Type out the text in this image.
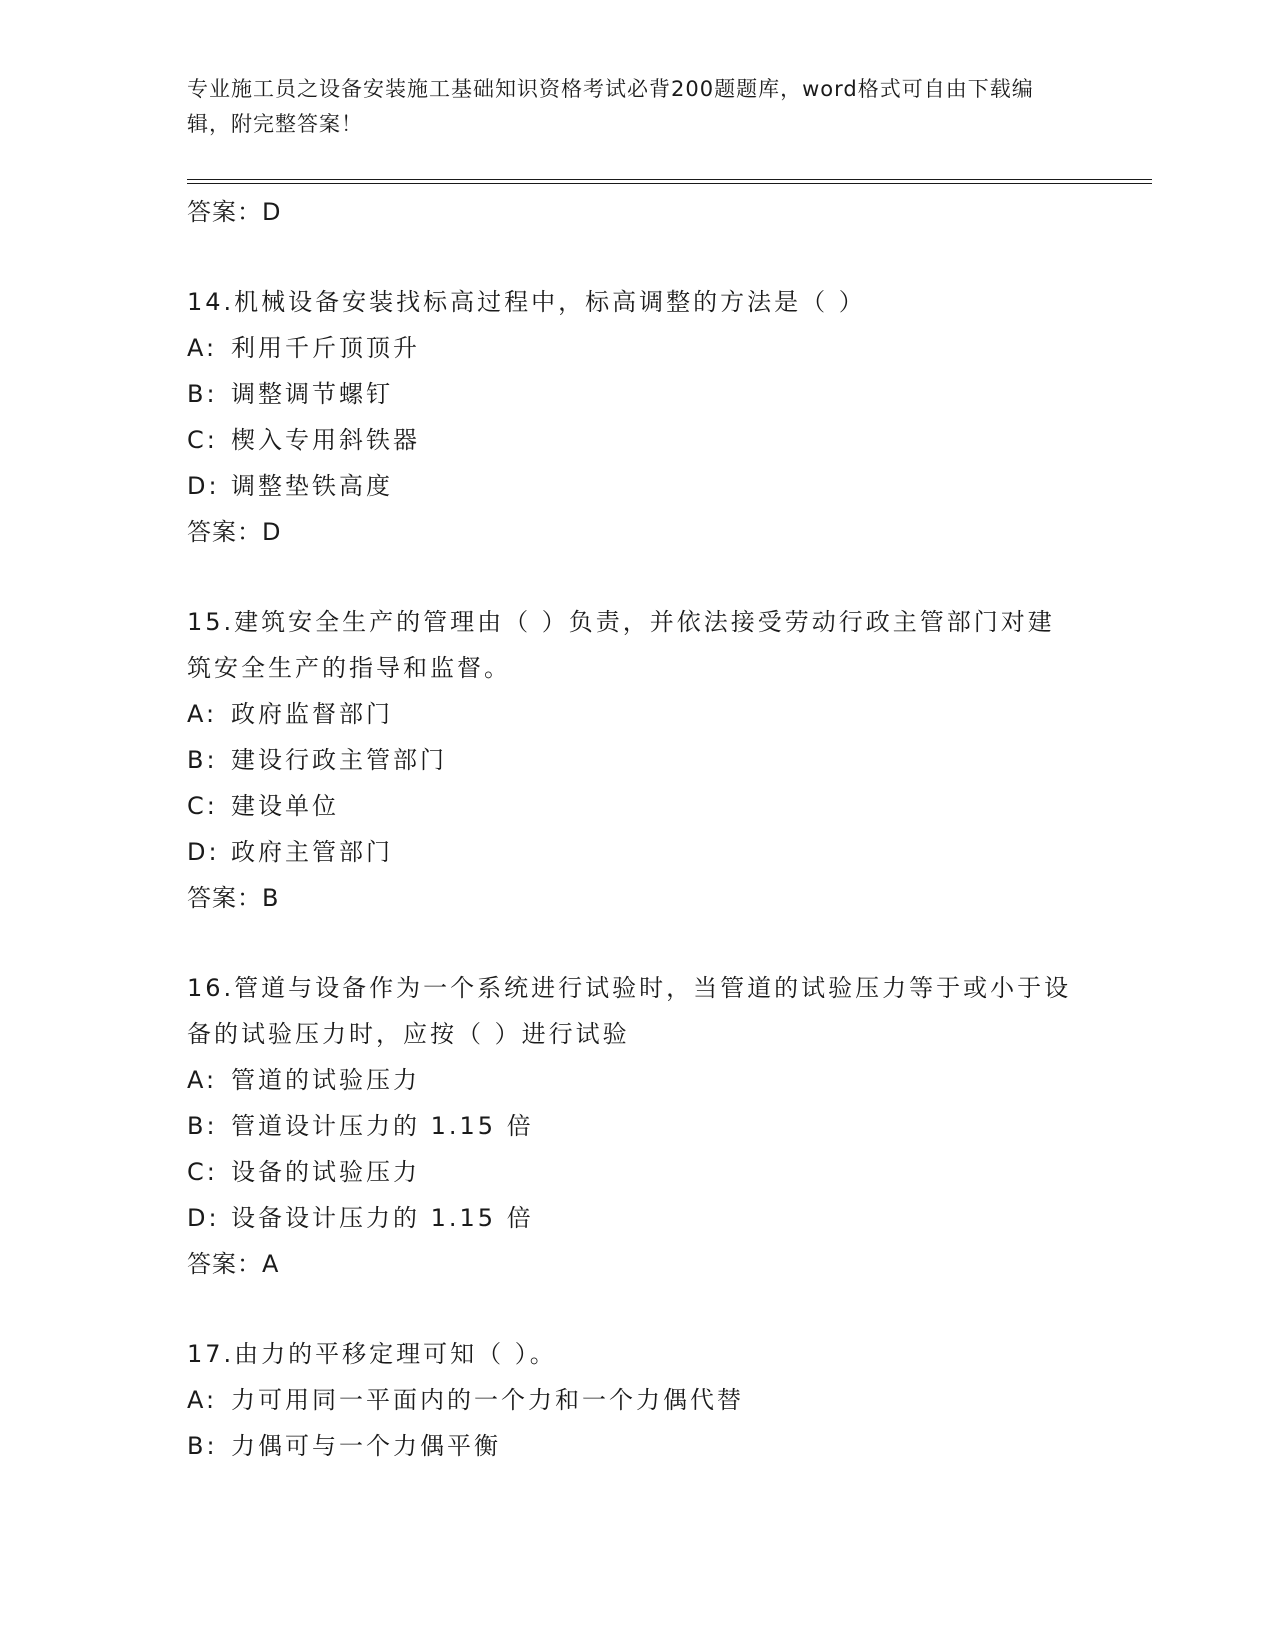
专业施工员之设备安装施工基础知识资格考试必背200题题库，word格式可自由下载编辑，附完整答案！
答案：D
14.机械设备安装找标高过程中，标高调整的方法是（ ）
A: 利用千斤顶顶升
B: 调整调节螺钉
C: 楔入专用斜铁器
D: 调整垫铁高度
答案：D
15.建筑安全生产的管理由（ ）负责，并依法接受劳动行政主管部门对建筑安全生产的指导和监督。
A: 政府监督部门
B: 建设行政主管部门
C: 建设单位
D: 政府主管部门
答案：B
16.管道与设备作为一个系统进行试验时，当管道的试验压力等于或小于设备的试验压力时，应按（ ）进行试验
A: 管道的试验压力
B: 管道设计压力的 1.15 倍
C: 设备的试验压力
D: 设备设计压力的 1.15 倍
答案：A
17.由力的平移定理可知（ ）。
A: 力可用同一平面内的一个力和一个力偶代替
B: 力偶可与一个力偶平衡
